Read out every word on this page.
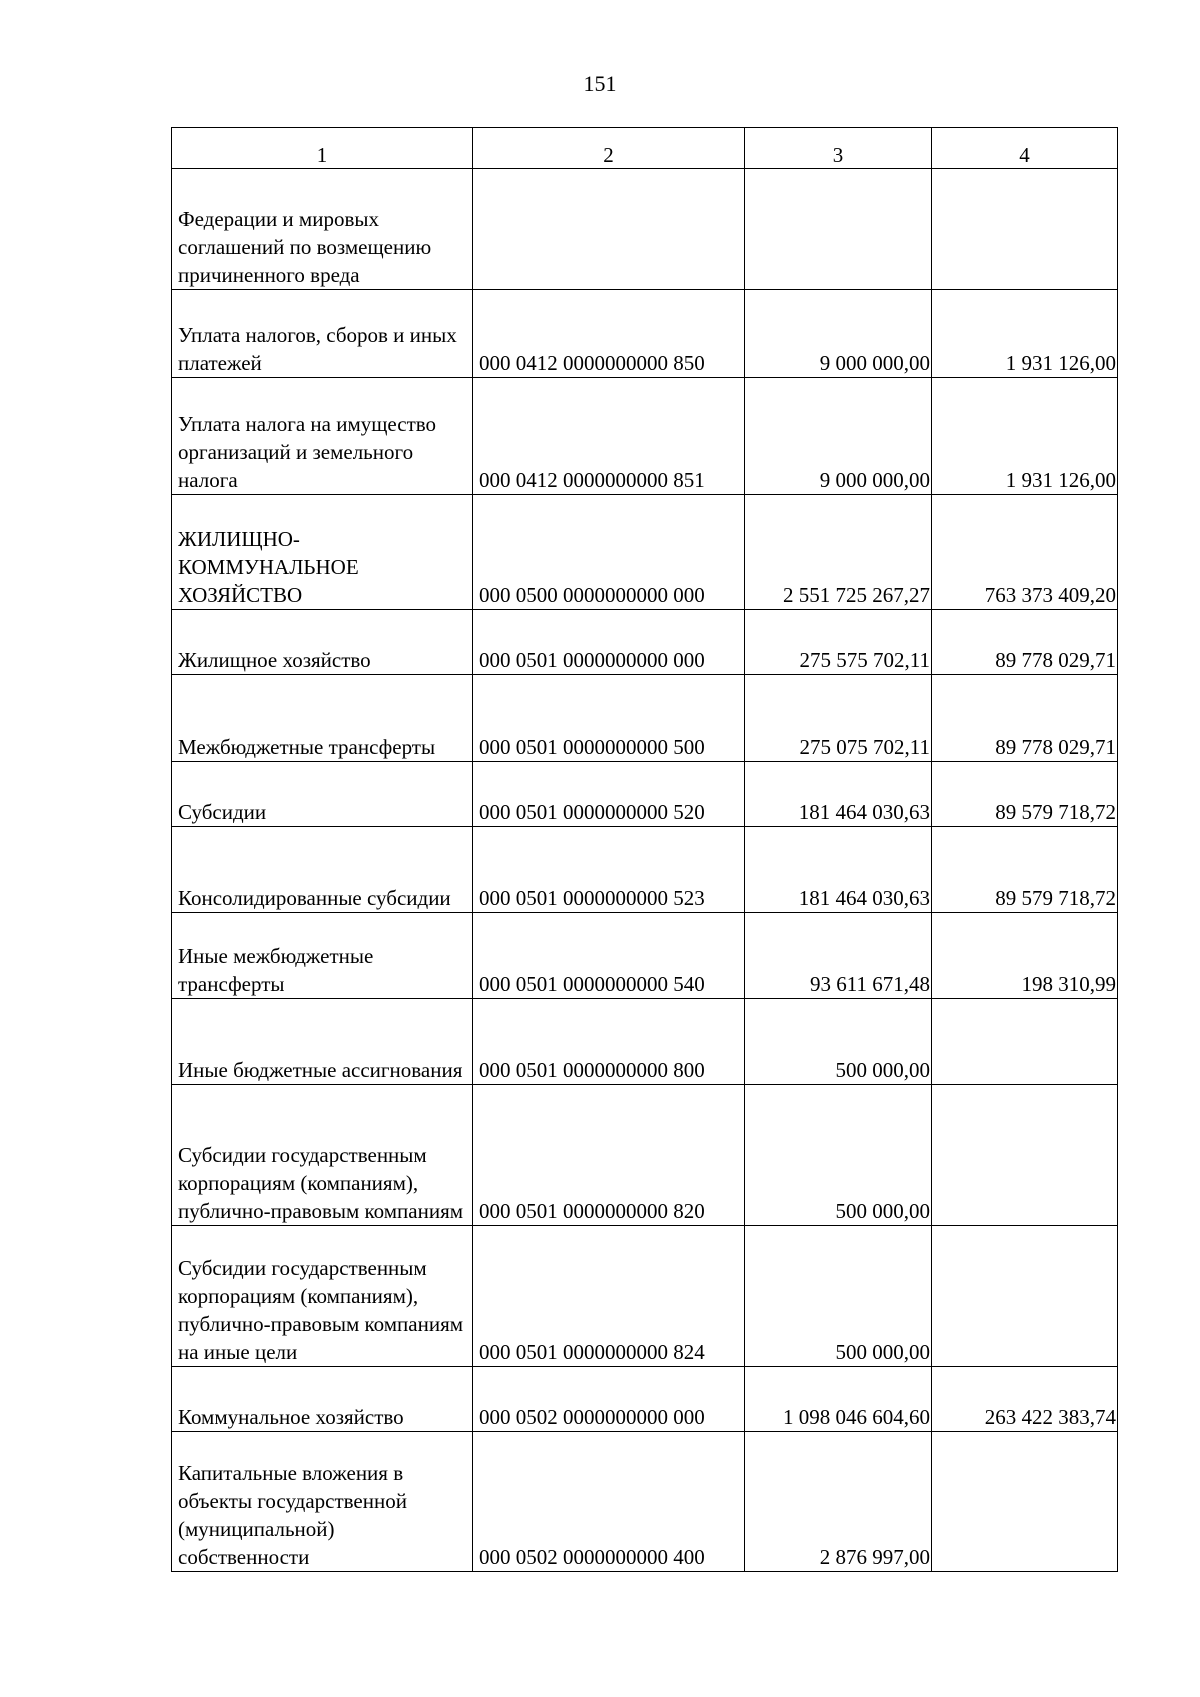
151
1	2	3	4
Федерации и мировых соглашений по возмещению причиненного вреда			
Уплата налогов, сборов и иных платежей	000 0412 0000000000 850	9 000 000,00	1 931 126,00
Уплата налога на имущество организаций и земельного налога	000 0412 0000000000 851	9 000 000,00	1 931 126,00
ЖИЛИЩНО-КОММУНАЛЬНОЕ ХОЗЯЙСТВО	000 0500 0000000000 000	2 551 725 267,27	763 373 409,20
Жилищное хозяйство	000 0501 0000000000 000	275 575 702,11	89 778 029,71
Межбюджетные трансферты	000 0501 0000000000 500	275 075 702,11	89 778 029,71
Субсидии	000 0501 0000000000 520	181 464 030,63	89 579 718,72
Консолидированные субсидии	000 0501 0000000000 523	181 464 030,63	89 579 718,72
Иные межбюджетные трансферты	000 0501 0000000000 540	93 611 671,48	198 310,99
Иные бюджетные ассигнования	000 0501 0000000000 800	500 000,00	
Субсидии государственным корпорациям (компаниям), публично-правовым компаниям	000 0501 0000000000 820	500 000,00	
Субсидии государственным корпорациям (компаниям), публично-правовым компаниям на иные цели	000 0501 0000000000 824	500 000,00	
Коммунальное хозяйство	000 0502 0000000000 000	1 098 046 604,60	263 422 383,74
Капитальные вложения в объекты государственной (муниципальной) собственности	000 0502 0000000000 400	2 876 997,00	
